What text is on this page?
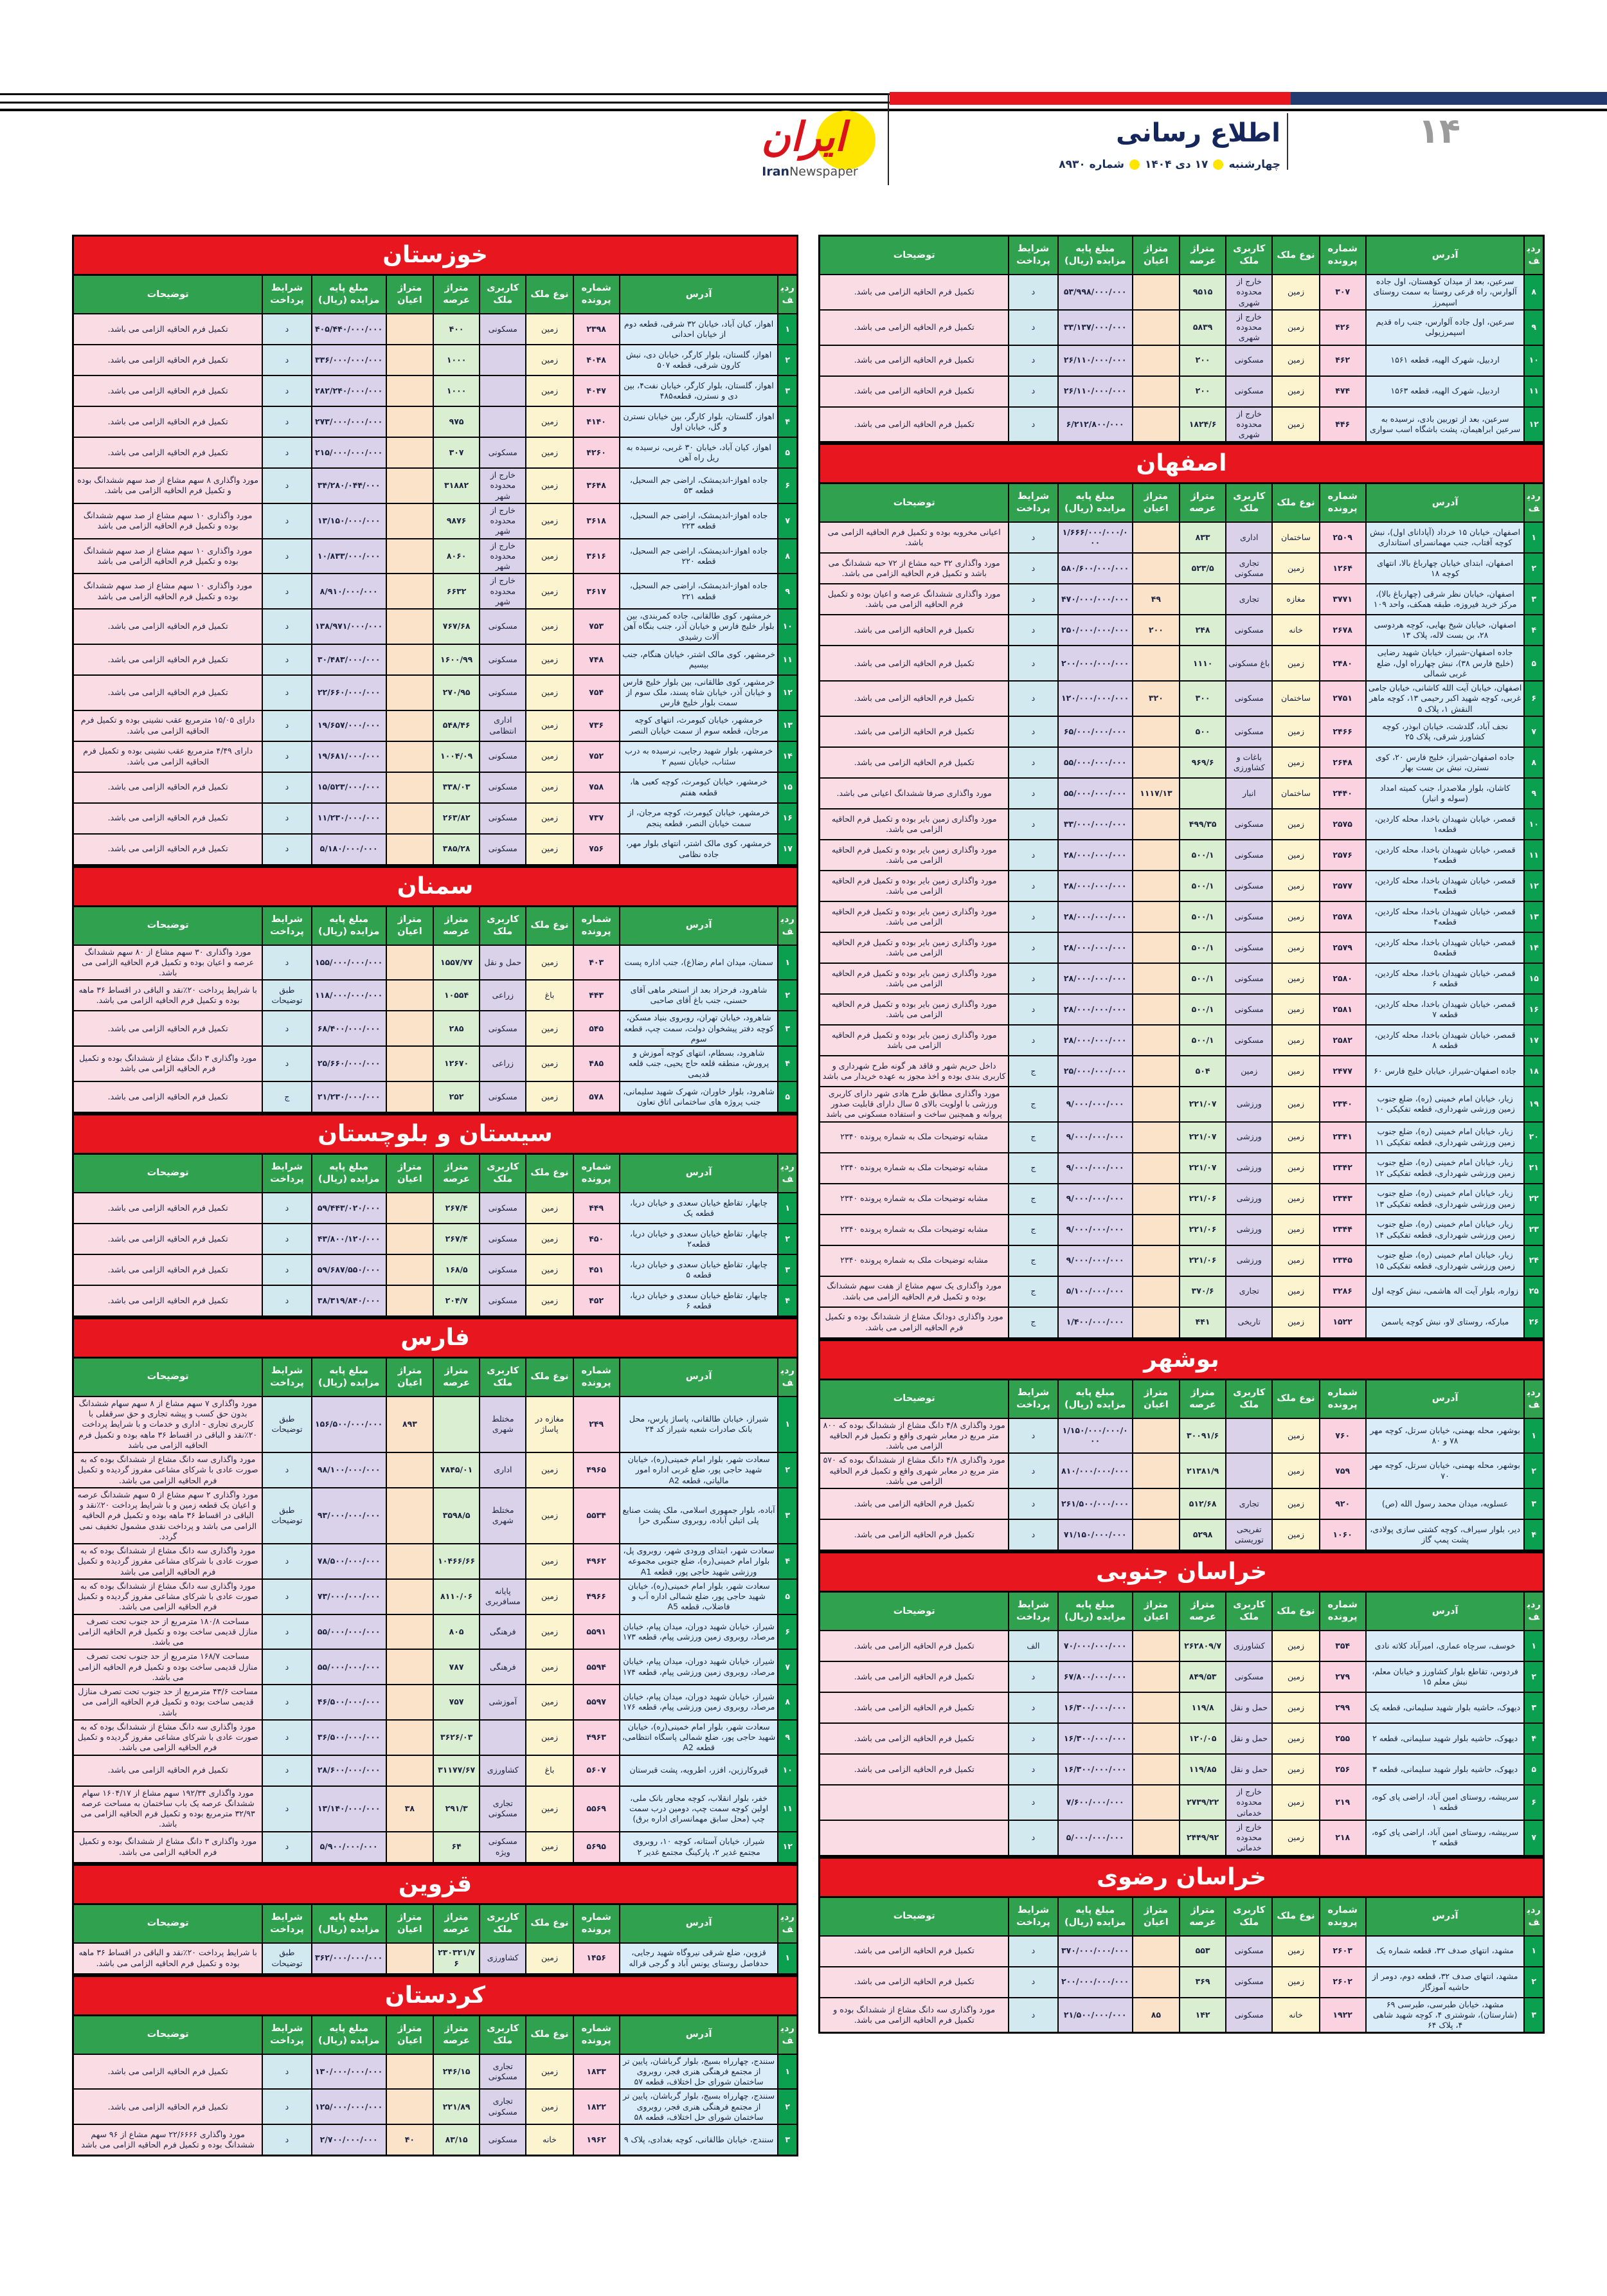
ایران
IranNewspaper
اطلاع رسانی
چهارشنبه
۱۷ دی ۱۴۰۴
شماره ۸۹۳۰
۱۴
ردیف	آدرس	شماره پرونده	نوع ملک	کاربری ملک	متراژ عرصه	متراژ اعیان	مبلغ پایه مزایده (ریال)	شرایط پرداخت	توضیحات
۸	سرعین، بعد از میدان کوهستان، اول جاده آلوارس، راه فرعی روستا به سمت روستای اسپمرز	۳۰۷	زمین	خارج از محدوده شهری	۹۵۱۵		۵۳/۹۹۸/۰۰۰/۰۰۰	د	تکمیل فرم الحاقیه الزامی می باشد.
۹	سرعین، اول جاده آلوارس، جنب راه قدیم اسپمرزیولی	۴۲۶	زمین	خارج از محدوده شهری	۵۸۳۹		۳۳/۱۳۷/۰۰۰/۰۰۰	د	تکمیل فرم الحاقیه الزامی می باشد.
۱۰	اردبیل، شهرک الهیه، قطعه ۱۵۶۱	۴۶۲	زمین	مسکونی	۲۰۰		۲۶/۱۱۰/۰۰۰/۰۰۰	د	تکمیل فرم الحاقیه الزامی می باشد.
۱۱	اردبیل، شهرک الهیه، قطعه ۱۵۶۳	۴۷۴	زمین	مسکونی	۲۰۰		۲۶/۱۱۰/۰۰۰/۰۰۰	د	تکمیل فرم الحاقیه الزامی می باشد.
۱۲	سرعین، بعد از توربین بادی، نرسیده به سرعین ابراهیمان، پشت باشگاه اسب سواری	۴۴۶	زمین	خارج از محدوده شهری	۱۸۲۴/۶		۶/۲۱۲/۸۰۰/۰۰۰	د	تکمیل فرم الحاقیه الزامی می باشد.
اصفهان
ردیف	آدرس	شماره پرونده	نوع ملک	کاربری ملک	متراژ عرصه	متراژ اعیان	مبلغ پایه مزایده (ریال)	شرایط پرداخت	توضیحات
۱	اصفهان، خیابان ۱۵ خرداد (آپادانای اول)، نبش کوچه آفتاب، جنب مهمانسرای استانداری	۲۵۰۹	ساختمان	اداری	۸۳۳		۱/۶۶۶/۰۰۰/۰۰۰/۰۰۰	د	اعیانی مخروبه بوده و تکمیل فرم الحاقیه الزامی می باشد.
۲	اصفهان، ابتدای خیابان چهارباغ بالا، انتهای کوچه ۱۸	۱۲۶۴	زمین	تجاری مسکونی	۵۲۳/۵		۵۸۰/۶۰۰/۰۰۰/۰۰۰	د	مورد واگذاری ۳۲ حبه مشاع از ۷۲ حبه ششدانگ می باشد و تکمیل فرم الحاقیه الزامی می باشد.
۳	اصفهان، خیابان نظر شرقی (چهارباغ بالا)، مرکز خرید فیروزه، طبقه همکف، واحد ۱۰۹	۳۷۷۱	مغازه	تجاری		۴۹	۴۷۰/۰۰۰/۰۰۰/۰۰۰	د	مورد واگذاری ششدانگ عرصه و اعیان بوده و تکمیل فرم الحاقیه الزامی می باشد.
۴	اصفهان، خیابان شیخ بهایی، کوچه هردوسی ۲۸، بن بست لاله، پلاک ۱۳	۲۶۷۸	خانه	مسکونی	۲۴۸	۲۰۰	۲۵۰/۰۰۰/۰۰۰/۰۰۰	د	تکمیل فرم الحاقیه الزامی می باشد.
۵	جاده اصفهان-شیراز، خیابان شهید رضایی (خلیج فارس ۳۸)، نبش چهارراه اول، ضلع غربی شمالی	۲۴۸۰	زمین	باغ مسکونی	۱۱۱۰		۲۰۰/۰۰۰/۰۰۰/۰۰۰	د	تکمیل فرم الحاقیه الزامی می باشد.
۶	اصفهان، خیابان آیت الله کاشانی، خیابان جامی غربی، کوچه شهید اکبر رحیمی ۱۳، کوچه ماهر النقش ۱، پلاک ۵	۲۷۵۱	ساختمان	مسکونی	۳۰۰	۳۲۰	۱۲۰/۰۰۰/۰۰۰/۰۰۰	د	تکمیل فرم الحاقیه الزامی می باشد.
۷	نجف آباد، گلدشت، خیابان ابوذر، کوچه کشاورز شرقی، پلاک ۲۵	۲۴۶۶	زمین	مسکونی	۵۰۰		۶۵/۰۰۰/۰۰۰/۰۰۰	د	تکمیل فرم الحاقیه الزامی می باشد.
۸	جاده اصفهان-شیراز، خلیج فارس ۲۰، کوی نسترن، نبش بن بست بهار	۲۶۴۸	زمین	باغات و کشاورزی	۹۶۹/۶		۵۵/۰۰۰/۰۰۰/۰۰۰	د	تکمیل فرم الحاقیه الزامی می باشد.
۹	کاشان، بلوار ملاصدرا، جنب کمیته امداد (سوله و انبار)	۲۴۴۰	ساختمان	انبار		۱۱۱۷/۱۳	۵۵/۰۰۰/۰۰۰/۰۰۰	د	مورد واگذاری صرفا ششدانگ اعیانی می باشد.
۱۰	قمصر، خیابان شهیدان باخدا، محله کاردین، قطعه۱	۲۵۷۵	زمین	مسکونی	۴۹۹/۳۵		۳۳/۰۰۰/۰۰۰/۰۰۰	د	مورد واگذاری زمین بایر بوده و تکمیل فرم الحاقیه الزامی می باشد.
۱۱	قمصر، خیابان شهیدان باخدا، محله کاردین، قطعه۲	۲۵۷۶	زمین	مسکونی	۵۰۰/۱		۲۸/۰۰۰/۰۰۰/۰۰۰	د	مورد واگذاری زمین بایر بوده و تکمیل فرم الحاقیه الزامی می باشد.
۱۲	قمصر، خیابان شهیدان باخدا، محله کاردین، قطعه۳	۲۵۷۷	زمین	مسکونی	۵۰۰/۱		۲۸/۰۰۰/۰۰۰/۰۰۰	د	مورد واگذاری زمین بایر بوده و تکمیل فرم الحاقیه الزامی می باشد.
۱۳	قمصر، خیابان شهیدان باخدا، محله کاردین، قطعه۴	۲۵۷۸	زمین	مسکونی	۵۰۰/۱		۲۸/۰۰۰/۰۰۰/۰۰۰	د	مورد واگذاری زمین بایر بوده و تکمیل فرم الحاقیه الزامی می باشد.
۱۴	قمصر، خیابان شهیدان باخدا، محله کاردین، قطعه۵	۲۵۷۹	زمین	مسکونی	۵۰۰/۱		۲۸/۰۰۰/۰۰۰/۰۰۰	د	مورد واگذاری زمین بایر بوده و تکمیل فرم الحاقیه الزامی می باشد.
۱۵	قمصر، خیابان شهیدان باخدا، محله کاردین، قطعه ۶	۲۵۸۰	زمین	مسکونی	۵۰۰/۱		۲۸/۰۰۰/۰۰۰/۰۰۰	د	مورد واگذاری زمین بایر بوده و تکمیل فرم الحاقیه الزامی می باشد.
۱۶	قمصر، خیابان شهیدان باخدا، محله کاردین، قطعه ۷	۲۵۸۱	زمین	مسکونی	۵۰۰/۱		۲۸/۰۰۰/۰۰۰/۰۰۰	د	مورد واگذاری زمین بایر بوده و تکمیل فرم الحاقیه الزامی می باشد.
۱۷	قمصر، خیابان شهیدان باخدا، محله کاردین، قطعه ۸	۲۵۸۲	زمین	مسکونی	۵۰۰/۱		۲۸/۰۰۰/۰۰۰/۰۰۰	د	مورد واگذاری زمین بایر بوده و تکمیل فرم الحاقیه الزامی می باشد
۱۸	جاده اصفهان-شیراز، خیابان خلیج فارس ۶۰	۲۴۷۷	زمین	زمین	۵۰۴		۲۵/۰۰۰/۰۰۰/۰۰۰	ج	داخل حریم شهر و فاقد هر گونه طرح شهرداری و کاربری بندی بوده و اخذ مجوز به عهده خریدار می باشد
۱۹	زیار، خیابان امام خمینی (ره)، ضلع جنوب زمین ورزشی شهرداری، قطعه تفکیکی ۱۰	۲۳۴۰	زمین	ورزشی	۲۲۱/۰۷		۹/۰۰۰/۰۰۰/۰۰۰	ج	مورد واگذاری مطابق طرح هادی شهر دارای کاربری ورزشی با اولویت بالای ۵ سال دارای قابلیت صدور پروانه و همچنین ساخت و استفاده مسکونی می باشد
۲۰	زیار، خیابان امام خمینی (ره)، ضلع جنوب زمین ورزشی شهرداری، قطعه تفکیکی ۱۱	۲۳۴۱	زمین	ورزشی	۲۲۱/۰۷		۹/۰۰۰/۰۰۰/۰۰۰	ج	مشابه توضیحات ملک به شماره پرونده ۲۳۴۰
۲۱	زیار، خیابان امام خمینی (ره)، ضلع جنوب زمین ورزشی شهرداری، قطعه تفکیکی ۱۲	۲۳۴۲	زمین	ورزشی	۲۲۱/۰۷		۹/۰۰۰/۰۰۰/۰۰۰	ج	مشابه توضیحات ملک به شماره پرونده ۲۳۴۰
۲۲	زیار، خیابان امام خمینی (ره)، ضلع جنوب زمین ورزشی شهرداری، قطعه تفکیکی ۱۳	۲۳۴۳	زمین	ورزشی	۲۲۱/۰۶		۹/۰۰۰/۰۰۰/۰۰۰	ج	مشابه توضیحات ملک به شماره پرونده ۲۳۴۰
۲۳	زیار، خیابان امام خمینی (ره)، ضلع جنوب زمین ورزشی شهرداری، قطعه تفکیکی ۱۴	۲۳۴۴	زمین	ورزشی	۲۲۱/۰۶		۹/۰۰۰/۰۰۰/۰۰۰	ج	مشابه توضیحات ملک به شماره پرونده ۲۳۴۰
۲۴	زیار، خیابان امام خمینی (ره)، ضلع جنوب زمین ورزشی شهرداری، قطعه تفکیکی ۱۵	۲۳۴۵	زمین	ورزشی	۲۲۱/۰۶		۹/۰۰۰/۰۰۰/۰۰۰	ج	مشابه توضیحات ملک به شماره پرونده ۲۳۴۰
۲۵	زواره، بلوار آیت اله هاشمی، نبش کوچه اول	۳۲۸۶	زمین	تجاری	۳۷۰/۶		۵/۱۰۰/۰۰۰/۰۰۰	ج	مورد واگذاری یک سهم مشاع از هفت سهم ششدانگ بوده و تکمیل فرم الحاقیه الزامی می باشد.
۲۶	مبارکه، روستای لاو، نبش کوچه یاسمن	۱۵۲۲	زمین	تاریخی	۴۴۱		۱/۴۰۰/۰۰۰/۰۰۰	ج	مورد واگذاری دودانگ مشاع از ششدانگ بوده و تکمیل فرم الحاقیه الزامی می باشد.
بوشهر
ردیف	آدرس	شماره پرونده	نوع ملک	کاربری ملک	متراژ عرصه	متراژ اعیان	مبلغ پایه مزایده (ریال)	شرایط پرداخت	توضیحات
۱	بوشهر، محله بهمنی، خیابان سرتل، کوچه مهر ۷۸ و ۸۰	۷۶۰	زمین		۳۰۰۹۱/۶		۱/۱۵۰/۰۰۰/۰۰۰/۰۰۰	د	مورد واگذاری ۴/۸ دانگ مشاع از ششدانگ بوده که ۸۰۰ متر مربع در معابر شهری واقع و تکمیل فرم الحاقیه الزامی می باشد.
۲	بوشهر، محله بهمنی، خیابان سرتل، کوچه مهر ۷۰	۷۵۹	زمین		۲۱۳۸۱/۹		۸۱۰/۰۰۰/۰۰۰/۰۰۰	د	مورد واگذاری ۴/۸ دانگ مشاع از ششدانگ بوده که ۵۷۰ متر مربع در معابر شهری واقع و تکمیل فرم الحاقیه الزامی می باشد.
۳	عسلویه، میدان محمد رسول الله (ص)	۹۲۰	زمین	تجاری	۵۱۲/۶۸		۲۶۱/۵۰۰/۰۰۰/۰۰۰	د	تکمیل فرم الحاقیه الزامی می باشد.
۴	دیر، بلوار سیراف، کوچه کشتی سازی پولادی، پشت پمپ گاز	۱۰۶۰	زمین	تفریحی توریستی	۵۲۹۸		۷۱/۱۵۰/۰۰۰/۰۰۰	د	تکمیل فرم الحاقیه الزامی می باشد.
خراسان جنوبی
ردیف	آدرس	شماره پرونده	نوع ملک	کاربری ملک	متراژ عرصه	متراژ اعیان	مبلغ پایه مزایده (ریال)	شرایط پرداخت	توضیحات
۱	خوسف، سرچاه عماری، امیرآباد کلاته نادی	۳۵۴	زمین	کشاورزی	۲۶۲۸۰۹/۷		۷۰/۰۰۰/۰۰۰/۰۰۰	الف	تکمیل فرم الحاقیه الزامی می باشد.
۲	فردوس، تقاطع بلوار کشاورز و خیابان معلم، نبش معلم ۱۵	۲۷۹	زمین	مسکونی	۸۴۹/۵۳		۶۷/۸۰۰/۰۰۰/۰۰۰	د	تکمیل فرم الحاقیه الزامی می باشد.
۳	دیهوک، حاشیه بلوار شهید سلیمانی، قطعه یک	۲۹۹	زمین	حمل و نقل	۱۱۹/۸		۱۶/۳۰۰/۰۰۰/۰۰۰	د	تکمیل فرم الحاقیه الزامی می باشد.
۴	دیهوک، حاشیه بلوار شهید سلیمانی، قطعه ۲	۲۵۵	زمین	حمل و نقل	۱۲۰/۰۵		۱۶/۳۰۰/۰۰۰/۰۰۰	د	تکمیل فرم الحاقیه الزامی می باشد.
۵	دیهوک، حاشیه بلوار شهید سلیمانی، قطعه ۳	۲۵۶	زمین	حمل و نقل	۱۱۹/۸۵		۱۶/۳۰۰/۰۰۰/۰۰۰	د	تکمیل فرم الحاقیه الزامی می باشد.
۶	سربیشه، روستای امین آباد، اراضی پای کوه، قطعه ۱	۲۱۹	زمین	خارج از محدوده خدماتی	۲۷۳۹/۲۲		۷/۶۰۰/۰۰۰/۰۰۰	د	
۷	سربیشه، روستای امین آباد، اراضی پای کوه، قطعه ۲	۲۱۸	زمین	خارج از محدوده خدماتی	۲۴۴۹/۹۲		۵/۰۰۰/۰۰۰/۰۰۰	د	
خراسان رضوی
ردیف	آدرس	شماره پرونده	نوع ملک	کاربری ملک	متراژ عرصه	متراژ اعیان	مبلغ پایه مزایده (ریال)	شرایط پرداخت	توضیحات
۱	مشهد، انتهای صدف ۳۲، قطعه شماره یک	۲۶۰۳	زمین	مسکونی	۵۵۳		۳۷۰/۰۰۰/۰۰۰/۰۰۰	د	تکمیل فرم الحاقیه الزامی می باشد.
۲	مشهد، انتهای صدف ۳۲، قطعه دوم، دومر از حاشیه آموزگار	۲۶۰۲	زمین	مسکونی	۳۶۹		۲۰۰/۰۰۰/۰۰۰/۰۰۰	د	تکمیل فرم الحاقیه الزامی می باشد.
۳	مشهد، خیابان طبرسی، طبرسی ۶۹ (شارستان)، شوشتری ۴، کوچه شهید شاهی ۴، پلاک ۶۴	۱۹۲۲	خانه	مسکونی	۱۴۲	۸۵	۲۱/۵۰۰/۰۰۰/۰۰۰	د	مورد واگذاری سه دانگ مشاع از ششدانگ بوده و تکمیل فرم الحاقیه الزامی می باشد.
خوزستان
ردیف	آدرس	شماره پرونده	نوع ملک	کاربری ملک	متراژ عرصه	متراژ اعیان	مبلغ پایه مزایده (ریال)	شرایط پرداخت	توضیحات
۱	اهواز، کیان آباد، خیابان ۳۲ شرقی، قطعه دوم از خیابان احدانی	۲۳۹۸	زمین	مسکونی	۴۰۰		۴۰۵/۴۴۰/۰۰۰/۰۰۰	د	تکمیل فرم الحاقیه الزامی می باشد.
۲	اهواز، گلستان، بلوار کارگر، خیابان دی، نبش کارون شرقی، قطعه ۵۰۷	۴۰۴۸	زمین		۱۰۰۰		۳۳۶/۰۰۰/۰۰۰/۰۰۰	د	تکمیل فرم الحاقیه الزامی می باشد.
۳	اهواز، گلستان، بلوار کارگر، خیابان نفت۴، بین دی و نسترن، قطعه۴۸۵	۴۰۴۷	زمین		۱۰۰۰		۲۸۲/۲۴۰/۰۰۰/۰۰۰	د	تکمیل فرم الحاقیه الزامی می باشد.
۴	اهواز، گلستان، بلوار کارگر، بین خیابان نسترن و گل، خیابان اول	۴۱۴۰	زمین		۹۷۵		۲۷۳/۰۰۰/۰۰۰/۰۰۰	د	تکمیل فرم الحاقیه الزامی می باشد.
۵	اهواز، کیان آباد، خیابان ۳۰ غربی، نرسیده به ریل راه آهن	۴۲۶۰	زمین	مسکونی	۳۰۷		۲۱۵/۰۰۰/۰۰۰/۰۰۰	د	تکمیل فرم الحاقیه الزامی می باشد.
۶	جاده اهواز-اندیمشک، اراضی جم السحیل، قطعه ۵۳	۳۶۴۸	زمین	خارج از محدوده شهر	۳۱۸۸۲		۳۴/۲۸۰/۰۴۴/۰۰۰	د	مورد واگذاری ۸ سهم مشاع از صد سهم ششدانگ بوده و تکمیل فرم الحاقیه الزامی می باشد.
۷	جاده اهواز-اندیمشک، اراضی جم السحیل، قطعه ۲۲۳	۳۶۱۸	زمین	خارج از محدوده شهر	۹۸۷۶		۱۳/۱۵۰/۰۰۰/۰۰۰	د	مورد واگذاری ۱۰ سهم مشاع از صد سهم ششدانگ بوده و تکمیل فرم الحاقیه الزامی می باشد
۸	جاده اهواز-اندیمشک، اراضی جم السحیل، قطعه ۲۲۰	۳۶۱۶	زمین	خارج از محدوده شهر	۸۰۶۰		۱۰/۸۳۳/۰۰۰/۰۰۰	د	مورد واگذاری ۱۰ سهم مشاع از صد سهم ششدانگ بوده و تکمیل فرم الحاقیه الزامی می باشد
۹	جاده اهواز-اندیمشک، اراضی جم السحیل، قطعه ۲۲۱	۳۶۱۷	زمین	خارج از محدوده شهر	۶۶۳۲		۸/۹۱۰/۰۰۰/۰۰۰	د	مورد واگذاری ۱۰ سهم مشاع از صد سهم ششدانگ بوده و تکمیل فرم الحاقیه الزامی می باشد
۱۰	خرمشهر، کوی طالقانی، جاده کمربندی، بین بلوار خلیج فارس و خیابان آذر، جنب بنگاه آهن آلات رشیدی	۷۵۳	زمین	مسکونی	۷۶۷/۶۸		۱۳۸/۹۷۱/۰۰۰/۰۰۰	د	تکمیل فرم الحاقیه الزامی می باشد.
۱۱	خرمشهر، کوی مالک اشتر، خیابان هنگام، جنب بیسیم	۷۴۸	زمین	مسکونی	۱۶۰۰/۹۹		۳۰/۴۸۳/۰۰۰/۰۰۰	د	تکمیل فرم الحاقیه الزامی می باشد.
۱۲	خرمشهر، کوی طالقانی، بین بلوار خلیج فارس و خیابان آذر، خیابان شاه پسند، ملک سوم از سمت بلوار خلیج فارس	۷۵۴	زمین	مسکونی	۲۷۰/۹۵		۲۲/۶۶۰/۰۰۰/۰۰۰	د	تکمیل فرم الحاقیه الزامی می باشد.
۱۳	خرمشهر، خیابان کیومرث، انتهای کوچه مرجان، قطعه سوم از سمت خیابان النصر	۷۳۶	زمین	اداری انتظامی	۵۴۸/۴۶		۱۹/۶۵۷/۰۰۰/۰۰۰	د	دارای ۱۵/۰۵ مترمربع عقب نشینی بوده و تکمیل فرم الحاقیه الزامی می باشد.
۱۴	خرمشهر، بلوار شهید رجایی، نرسیده به درب سئناب، خیابان نسیم ۲	۷۵۲	زمین	مسکونی	۱۰۰۴/۰۹		۱۹/۶۸۱/۰۰۰/۰۰۰	د	دارای ۴/۴۹ مترمربع عقب نشینی بوده و تکمیل فرم الحاقیه الزامی می باشد.
۱۵	خرمشهر، خیابان کیومرث، کوچه کعبی ها، قطعه هفتم	۷۵۸	زمین	مسکونی	۳۳۸/۰۳		۱۵/۵۲۳/۰۰۰/۰۰۰	د	تکمیل فرم الحاقیه الزامی می باشد.
۱۶	خرمشهر، خیابان کیومرث، کوچه مرجان، از سمت خیابان النصر، قطعه پنجم	۷۳۷	زمین	مسکونی	۲۶۳/۸۲		۱۱/۲۳۰/۰۰۰/۰۰۰	د	تکمیل فرم الحاقیه الزامی می باشد.
۱۷	خرمشهر، کوی مالک اشتر، انتهای بلوار مهر، جاده نظامی	۷۵۶	زمین	مسکونی	۳۸۵/۲۸		۵/۱۸۰/۰۰۰/۰۰۰	د	تکمیل فرم الحاقیه الزامی می باشد.
سمنان
ردیف	آدرس	شماره پرونده	نوع ملک	کاربری ملک	متراژ عرصه	متراژ اعیان	مبلغ پایه مزایده (ریال)	شرایط پرداخت	توضیحات
۱	سمنان، میدان امام رضا(ع)، جنب اداره پست	۴۰۳	زمین	حمل و نقل	۱۵۵۷/۷۷		۱۵۵/۰۰۰/۰۰۰/۰۰۰	د	مورد واگذاری ۳۰ سهم مشاع از ۸۰ سهم ششدانگ عرصه و اعیان بوده و تکمیل فرم الحاقیه الزامی می باشد.
۲	شاهرود، فرحزاد بعد از استخر ماهی آقای حسنی، جنب باغ آقای صاحبی	۴۴۳	باغ	زراعی	۱۰۵۵۴		۱۱۸/۰۰۰/۰۰۰/۰۰۰	طبق توضیحات	با شرایط پرداخت ۲۰٪نقد و الباقی در اقساط ۳۶ ماهه بوده و تکمیل فرم الحاقیه الزامی می باشد.
۳	شاهرود، خیابان تهران، روبروی بنیاد مسکن، کوچه دفتر پیشخوان دولت، سمت چپ، قطعه سوم	۵۴۵	زمین	مسکونی	۲۸۵		۶۸/۴۰۰/۰۰۰/۰۰۰	د	تکمیل فرم الحاقیه الزامی می باشد.
۴	شاهرود، بسطام، انتهای کوچه آموزش و پرورش، منطقه قلعه حاج یحیی، جنب قلعه قدیمی	۴۸۵	زمین	زراعی	۱۲۶۷۰		۲۵/۶۶۰/۰۰۰/۰۰۰	د	مورد واگذاری ۳ دانگ مشاع از ششدانگ بوده و تکمیل فرم الحاقیه الزامی می باشد
۵	شاهرود، بلوار خاوران، شهرک شهید سلیمانی، جنب پروژه های ساختمانی اتاق تعاون	۵۷۸	زمین	مسکونی	۲۵۲		۲۱/۲۳۰/۰۰۰/۰۰۰	ج	تکمیل فرم الحاقیه الزامی می باشد.
سیستان و بلوچستان
ردیف	آدرس	شماره پرونده	نوع ملک	کاربری ملک	متراژ عرصه	متراژ اعیان	مبلغ پایه مزایده (ریال)	شرایط پرداخت	توضیحات
۱	چابهار، تقاطع خیابان سعدی و خیابان دریا، قطعه یک	۴۴۹	زمین	مسکونی	۲۶۷/۴		۵۹/۴۴۳/۰۲۰/۰۰۰	د	تکمیل فرم الحاقیه الزامی می باشد.
۲	چابهار، تقاطع خیابان سعدی و خیابان دریا، قطعه۲	۴۵۰	زمین	مسکونی	۲۶۷/۴		۴۳/۸۰۰/۱۲۰/۰۰۰	د	تکمیل فرم الحاقیه الزامی می باشد.
۳	چابهار، تقاطع خیابان سعدی و خیابان دریا، قطعه ۵	۴۵۱	زمین	مسکونی	۱۶۸/۵		۵۹/۶۸۷/۵۵۰/۰۰۰	د	تکمیل فرم الحاقیه الزامی می باشد.
۴	چابهار، تقاطع خیابان سعدی و خیابان دریا، قطعه ۶	۴۵۲	زمین	مسکونی	۲۰۴/۷		۳۸/۳۱۹/۸۴۰/۰۰۰	د	تکمیل فرم الحاقیه الزامی می باشد.
فارس
ردیف	آدرس	شماره پرونده	نوع ملک	کاربری ملک	متراژ عرصه	متراژ اعیان	مبلغ پایه مزایده (ریال)	شرایط پرداخت	توضیحات
۱	شیراز، خیابان طالقانی، پاساژ پارس، محل بانک صادرات شعبه شیراز کد ۲۴	۲۴۹	مغازه در پاساژ	مختلط شهری		۸۹۳	۱۵۶/۵۰۰/۰۰۰/۰۰۰	طبق توضیحات	مورد واگذاری ۷ سهم مشاع از ۸ سهم سهام ششدانگ بدون حق کسب و پیشه تجاری و حق سرقفلی با کاربری تجاری - اداری و خدمات و با شرایط پرداخت ۲۰٪نقد و الباقی در اقساط ۳۶ ماهه بوده و تکمیل فرم الحاقیه الزامی می باشد
۲	سعادت شهر، بلوار امام خمینی(ره)، خیابان شهید حاجی پور، ضلع غربی اداره امور مالیاتی، قطعه A2	۴۹۶۵	زمین	اداری	۷۸۴۵/۰۱		۹۸/۱۰۰/۰۰۰/۰۰۰	د	مورد واگذاری سه دانگ مشاع از ششدانگ بوده که به صورت عادی با شرکای مشاعی مفروز گردیده و تکمیل فرم الحاقیه الزامی می باشد.
۳	آباده، بلوار جمهوری اسلامی، ملک پشت صنایع پلی اتیلن آباده، روبروی سنگبری حرا	۵۵۳۴	زمین	مختلط شهری	۳۵۹۸/۵		۹۳/۰۰۰/۰۰۰/۰۰۰	طبق توضیحات	مورد واگذاری ۲ سهم مشاع از ۵ سهم ششدانگ عرصه و اعیان یک قطعه زمین و با شرایط پرداخت ۲۰٪نقد و الباقی در اقساط ۳۶ ماهه بوده و تکمیل فرم الحاقیه الزامی می باشد و پرداخت نقدی مشمول تخفیف نمی گردد.
۴	سعادت شهر، ابتدای ورودی شهر، روبروی پل، بلوار امام خمینی(ره)، ضلع جنوبی مجموعه ورزشی شهید حاجی پور، قطعه A1	۴۹۶۲	زمین		۱۰۴۶۶/۶۶		۷۸/۵۰۰/۰۰۰/۰۰۰	د	مورد واگذاری سه دانگ مشاع از ششدانگ بوده که به صورت عادی با شرکای مشاعی مفروز گردیده و تکمیل فرم الحاقیه الزامی می باشد
۵	سعادت شهر، بلوار امام خمینی(ره)، خیابان شهید حاجی پور، ضلع شمالی اداره آب و فاضلاب، قطعه A5	۴۹۶۶	زمین	پایانه مسافربری	۸۱۱۰/۰۶		۷۳/۰۰۰/۰۰۰/۰۰۰	د	مورد واگذاری سه دانگ مشاع از ششدانگ بوده که به صورت عادی با شرکای مشاعی مفروز گردیده و تکمیل فرم الحاقیه الزامی می باشد.
۶	شیراز، خیابان شهید دوران، میدان پیام، خیابان مرصاد، روبروی زمین ورزشی پیام، قطعه ۱۷۳	۵۵۹۱	زمین	فرهنگی	۸۰۵		۵۵/۰۰۰/۰۰۰/۰۰۰	د	مساحت ۱۸۰/۸ مترمربع از حد جنوب تحت تصرف منازل قدیمی ساخت بوده و تکمیل فرم الحاقیه الزامی می باشد.
۷	شیراز، خیابان شهید دوران، میدان پیام، خیابان مرصاد، روبروی زمین ورزشی پیام، قطعه ۱۷۴	۵۵۹۴	زمین	فرهنگی	۷۸۷		۵۵/۰۰۰/۰۰۰/۰۰۰	د	مساحت ۱۶۸/۷ مترمربع از حد جنوب تحت تصرف منازل قدیمی ساخت بوده و تکمیل فرم الحاقیه الزامی می باشد.
۸	شیراز، خیابان شهید دوران، میدان پیام، خیابان مرصاد، روبروی زمین ورزشی پیام، قطعه ۱۷۶	۵۵۹۷	زمین	آموزشی	۷۵۷		۴۶/۵۰۰/۰۰۰/۰۰۰	د	مساحت ۴۳/۶ مترمربع از حد جنوب تحت تصرف منازل قدیمی ساخت بوده و تکمیل فرم الحاقیه الزامی می باشد.
۹	سعادت شهر، بلوار امام خمینی(ره)، خیابان شهید حاجی پور، ضلع شمالی پاسگاه انتظامی، قطعه A2	۴۹۶۳	زمین		۳۶۲۶/۰۳		۳۶/۵۰۰/۰۰۰/۰۰۰	د	مورد واگذاری سه دانگ مشاع از ششدانگ بوده که به صورت عادی با شرکای مشاعی مفروز گردیده و تکمیل فرم الحاقیه الزامی می باشد.
۱۰	قیروکارزین، افزر، اطرویه، پشت قبرستان	۵۶۰۷	باغ	کشاورزی	۳۱۱۷۷/۶۷		۲۸/۶۰۰/۰۰۰/۰۰۰	د	تکمیل فرم الحاقیه الزامی می باشد.
۱۱	خفر، بلوار انقلاب، کوچه مجاور بانک ملی، اولین کوچه سمت چپ، دومین درب سمت چپ (محل سابق مهمانسرای اداره برق)	۵۵۶۹	زمین	تجاری مسکونی	۲۹۱/۳	۳۸	۱۳/۱۴۰/۰۰۰/۰۰۰	د	مورد واگذاری ۱۹۲/۳۴ سهم مشاع از ۱۶۰۴/۱۷ سهام ششدانگ عرصه یک باب ساختمان به مساحت عرصه ۳۲/۹۳ مترمربع بوده و تکمیل فرم الحاقیه الزامی می باشد.
۱۲	شیراز، خیابان آستانه، کوچه ۱۰، روبروی مجتمع غدیر ۲، پارکینگ مجتمع غدیر ۲	۵۶۹۵	زمین	مسکونی ویژه	۶۴		۵/۹۰۰/۰۰۰/۰۰۰	د	مورد واگذاری ۳ دانگ مشاع از ششدانگ بوده و تکمیل فرم الحاقیه الزامی می باشد.
قزوین
ردیف	آدرس	شماره پرونده	نوع ملک	کاربری ملک	متراژ عرصه	متراژ اعیان	مبلغ پایه مزایده (ریال)	شرایط پرداخت	توضیحات
۱	قزوین، ضلع شرقی نیروگاه شهید رجایی، حدفاصل روستای یونس آباد و گرجی قراله	۱۴۵۶	زمین	کشاورزی	۲۳۰۳۲۱/۷۶		۳۶۲/۰۰۰/۰۰۰/۰۰۰	طبق توضیحات	با شرایط پرداخت ۲۰٪نقد و الباقی در اقساط ۳۶ ماهه بوده و تکمیل فرم الحاقیه الزامی می باشد.
کردستان
ردیف	آدرس	شماره پرونده	نوع ملک	کاربری ملک	متراژ عرصه	متراژ اعیان	مبلغ پایه مزایده (ریال)	شرایط پرداخت	توضیحات
۱	سنندج، چهارراه بسیج، بلوار گرباشان، پایین تر از مجتمع فرهنگی هنری فجر، روبروی ساختمان شورای حل اختلاف، قطعه ۵۷	۱۸۳۳	زمین	تجاری مسکونی	۲۴۶/۱۵		۱۳۰/۰۰۰/۰۰۰/۰۰۰	د	تکمیل فرم الحاقیه الزامی می باشد.
۲	سنندج، چهارراه بسیج، بلوار گرباشان، پایین تر از مجتمع فرهنگی هنری فجر، روبروی ساختمان شورای حل اختلاف، قطعه ۵۸	۱۸۲۲	زمین	تجاری مسکونی	۲۲۱/۸۹		۱۲۵/۰۰۰/۰۰۰/۰۰۰	د	تکمیل فرم الحاقیه الزامی می باشد.
۳	سنندج، خیابان طالقانی، کوچه بغدادی، پلاک ۹	۱۹۶۲	خانه	مسکونی	۸۳/۱۵	۴۰	۲/۷۰۰/۰۰۰/۰۰۰	د	مورد واگذاری ۲۲/۶۶۶۶ سهم مشاع از ۹۶ سهم ششدانگ بوده و تکمیل فرم الحاقیه الزامی می باشد
